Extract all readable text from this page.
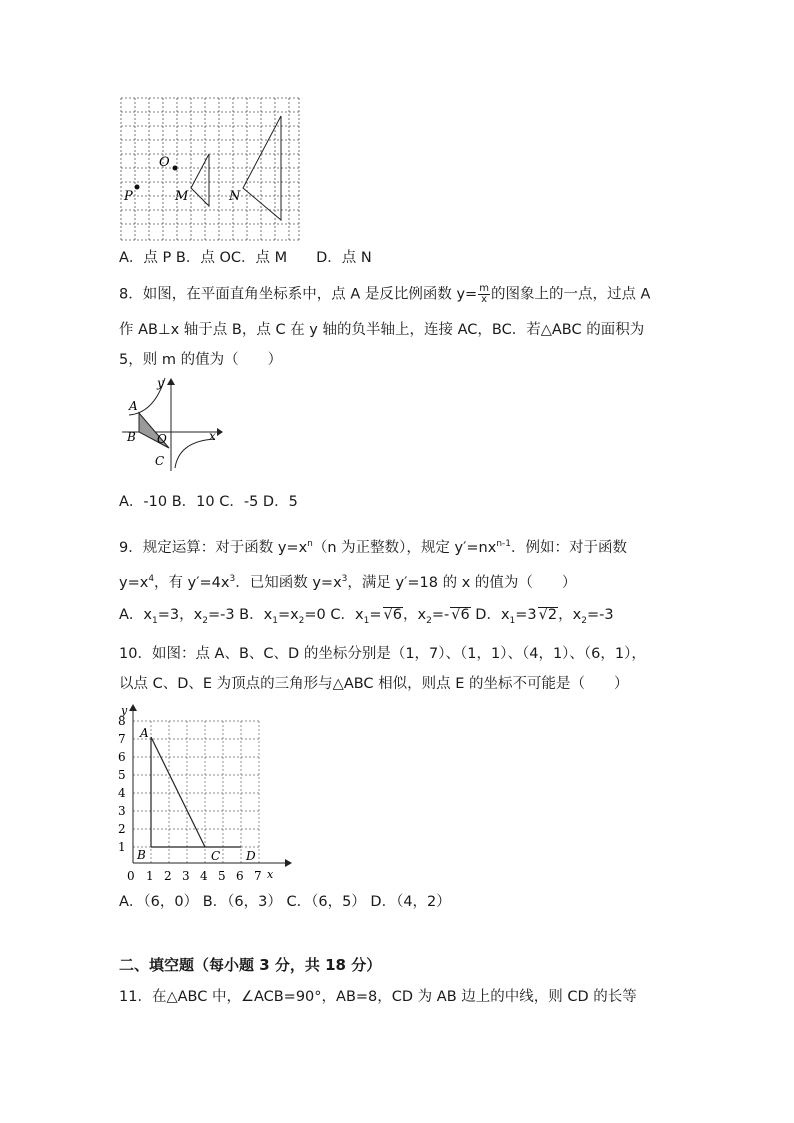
O
P	M	N
A．点 P B．点 OC．点 M　　D．点 N
8．如图，在平面直角坐标系中，点 A 是反比例函数 $y= \frac{m}{x}$ 的图象上的一点，过点 A
作 AB⊥x 轴于点 B，点 C 在 y 轴的负半轴上，连接 AC，BC．若△ABC 的面积为
5，则 m 的值为（　　）
y
A
B O	x
C
A．-10 B．10 C．-5 D．5
9．规定运算：对于函数 $y=x^n(n$ 为正整数），规定 $y'=nx^{n-1}$．例如：对于函数
$y=x^4$，有 $y'=4x^3$．已知函数 $y=x^3$，满足 y′=18 的 x 的值为（　　）
A．$x_1=3$，$x_2=-3$ B．$x_1=x_2=0$ C．$x_1= √6$，$x_2=-$ √6 D．$x_1=3$ √2，$x_2=-3$
10．如图：点 A、B、C、D 的坐标分别是（1，7）、（1，1）、（4，1）、（6，1），
以点 C、D、E 为顶点的三角形与△ABC 相似，则点 E 的坐标不可能是（　　）
8
7
6
5
4
3
2
1
0 1 2 3 4 5 6 7
y
x
A
B	C D
A．（6，0） B．（6，3） C．（6，5） D．（4，2）
二、填空题（每小题 3 分，共 18 分）
11．在△ABC 中，∠ACB=90°，AB=8，CD 为 AB 边上的中线，则 CD 的长等
